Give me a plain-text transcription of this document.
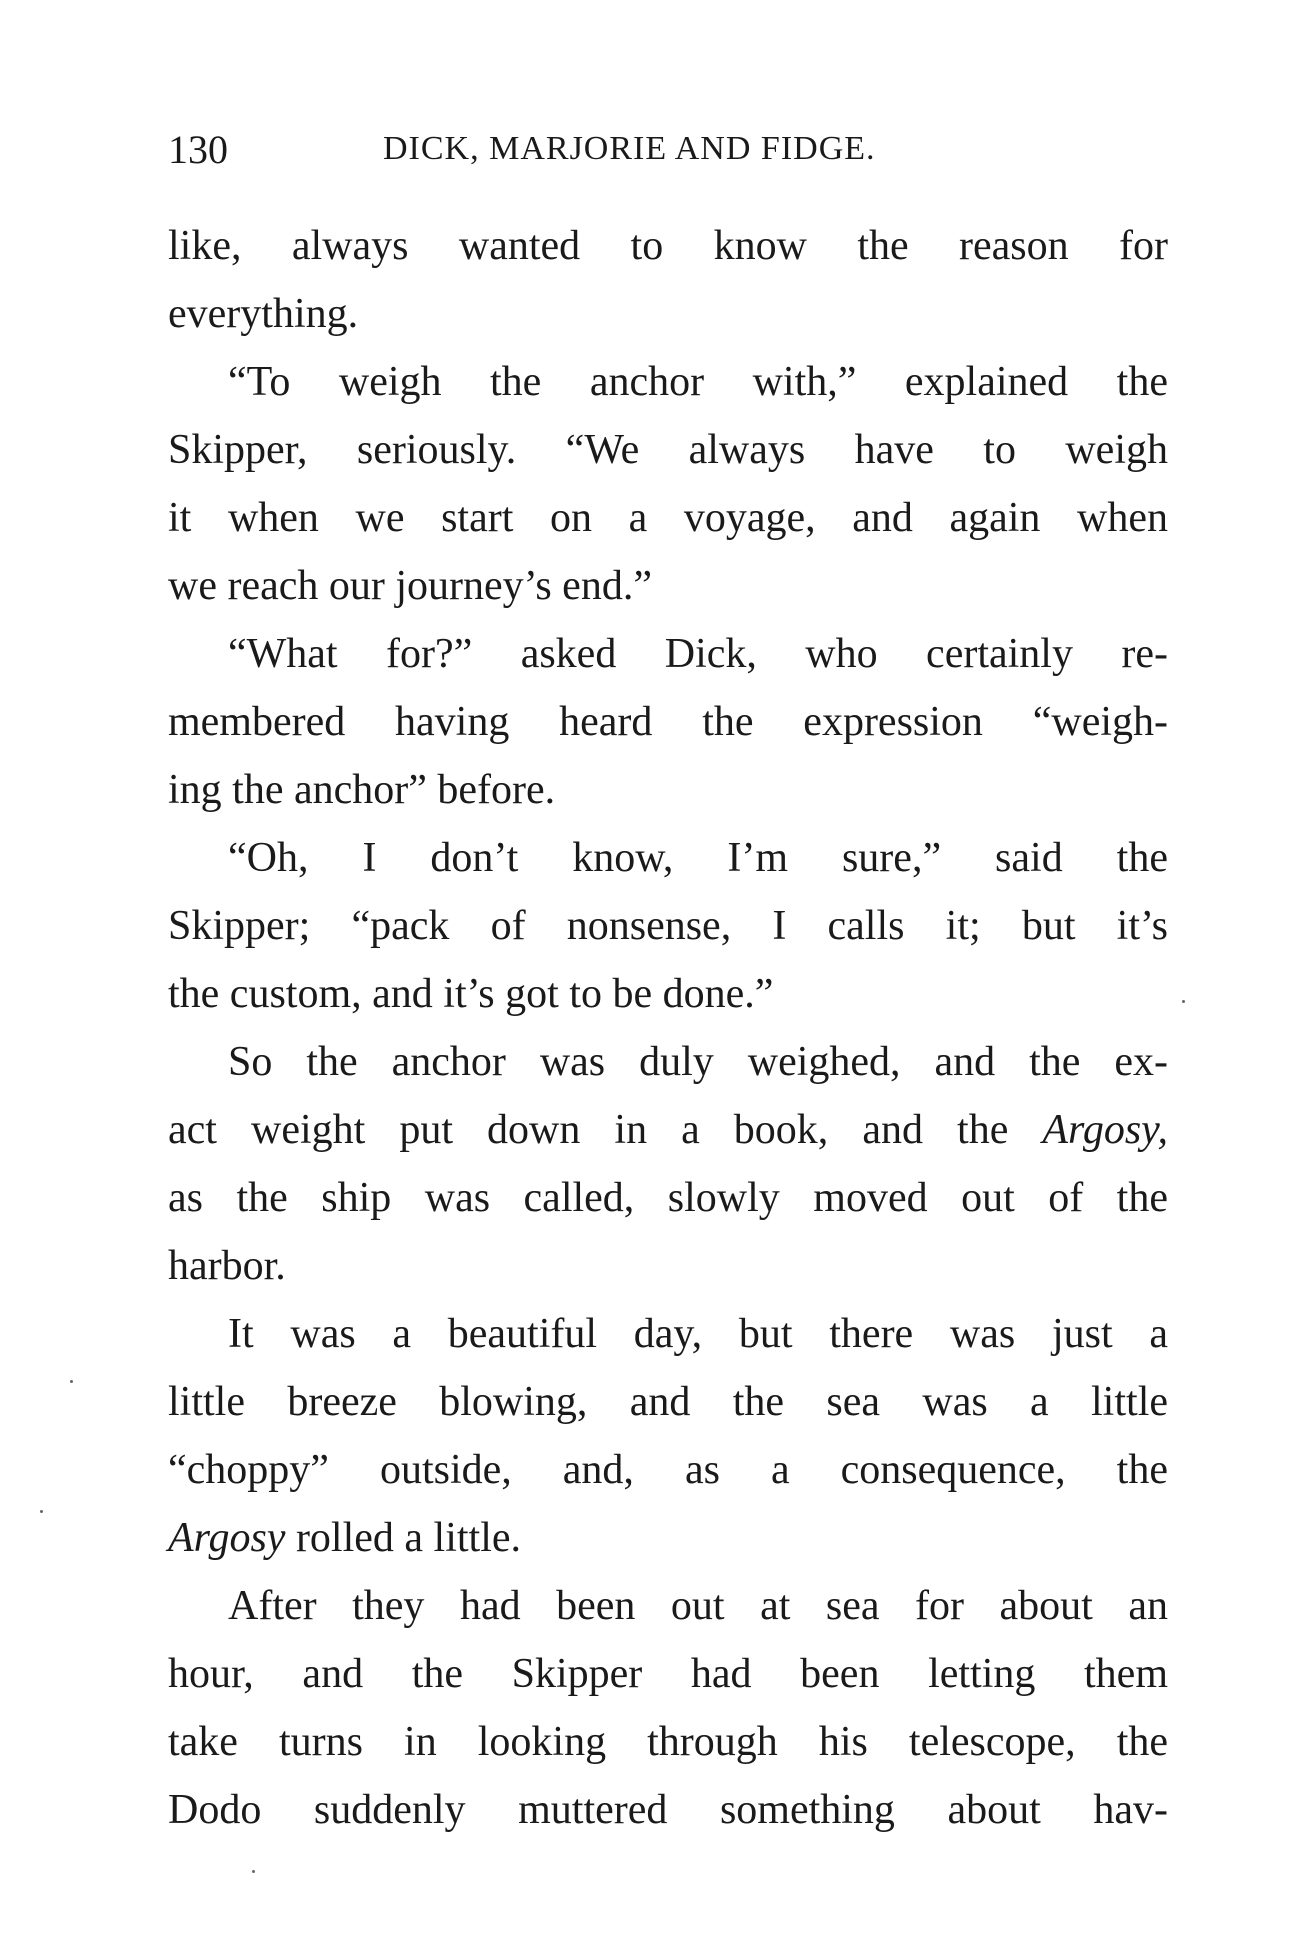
130	DICK, MARJORIE AND FIDGE.
like, always wanted to know the reason for
everything.
“To weigh the anchor with,” explained the
Skipper, seriously. “We always have to weigh
it when we start on a voyage, and again when
we reach our journey’s end.”
“What for?” asked Dick, who certainly re-
membered having heard the expression “weigh-
ing the anchor” before.
“Oh, I don’t know, I’m sure,” said the
Skipper; “pack of nonsense, I calls it; but it’s
the custom, and it’s got to be done.”
So the anchor was duly weighed, and the ex-
act weight put down in a book, and the Argosy,
as the ship was called, slowly moved out of the
harbor.
It was a beautiful day, but there was just a
little breeze blowing, and the sea was a little
“choppy” outside, and, as a consequence, the
Argosy rolled a little.
After they had been out at sea for about an
hour, and the Skipper had been letting them
take turns in looking through his telescope, the
Dodo suddenly muttered something about hav-
